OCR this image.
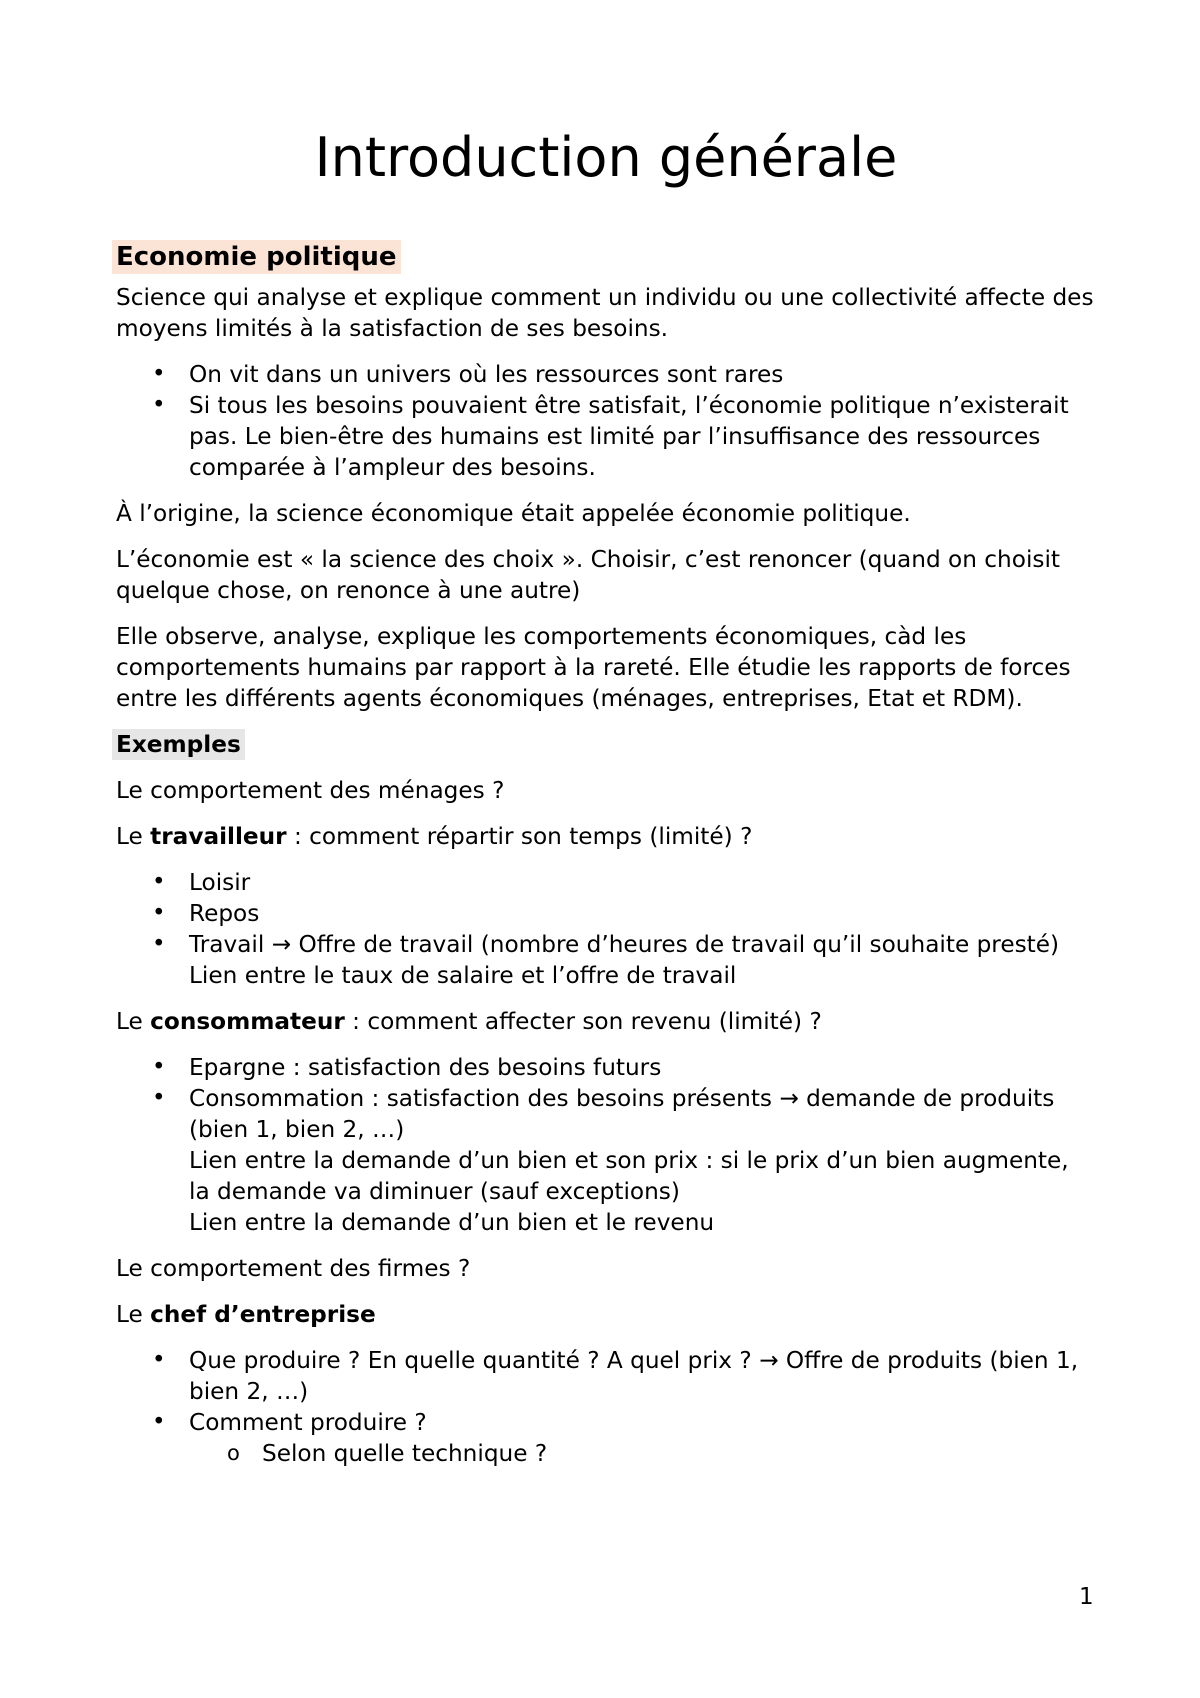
Introduction générale
Economie politique

Science qui analyse et explique comment un individu ou une collectivité affecte des moyens limités à la satisfaction de ses besoins.

• On vit dans un univers où les ressources sont rares
• Si tous les besoins pouvaient être satisfait, l’économie politique n’existerait pas. Le bien-être des humains est limité par l’insuffisance des ressources comparée à l’ampleur des besoins.

À l’origine, la science économique était appelée économie politique.

L’économie est « la science des choix ». Choisir, c’est renoncer (quand on choisit quelque chose, on renonce à une autre)

Elle observe, analyse, explique les comportements économiques, càd les comportements humains par rapport à la rareté. Elle étudie les rapports de forces entre les différents agents économiques (ménages, entreprises, Etat et RDM).

Exemples

Le comportement des ménages ?

Le travailleur : comment répartir son temps (limité) ?

• Loisir
• Repos
• Travail → Offre de travail (nombre d’heures de travail qu’il souhaite presté)
Lien entre le taux de salaire et l’offre de travail

Le consommateur : comment affecter son revenu (limité) ?

• Epargne : satisfaction des besoins futurs
• Consommation : satisfaction des besoins présents → demande de produits (bien 1, bien 2, …)
Lien entre la demande d’un bien et son prix : si le prix d’un bien augmente, la demande va diminuer (sauf exceptions)
Lien entre la demande d’un bien et le revenu

Le comportement des firmes ?

Le chef d’entreprise

• Que produire ? En quelle quantité ? A quel prix ? → Offre de produits (bien 1, bien 2, …)
• Comment produire ?
o Selon quelle technique ?
1
